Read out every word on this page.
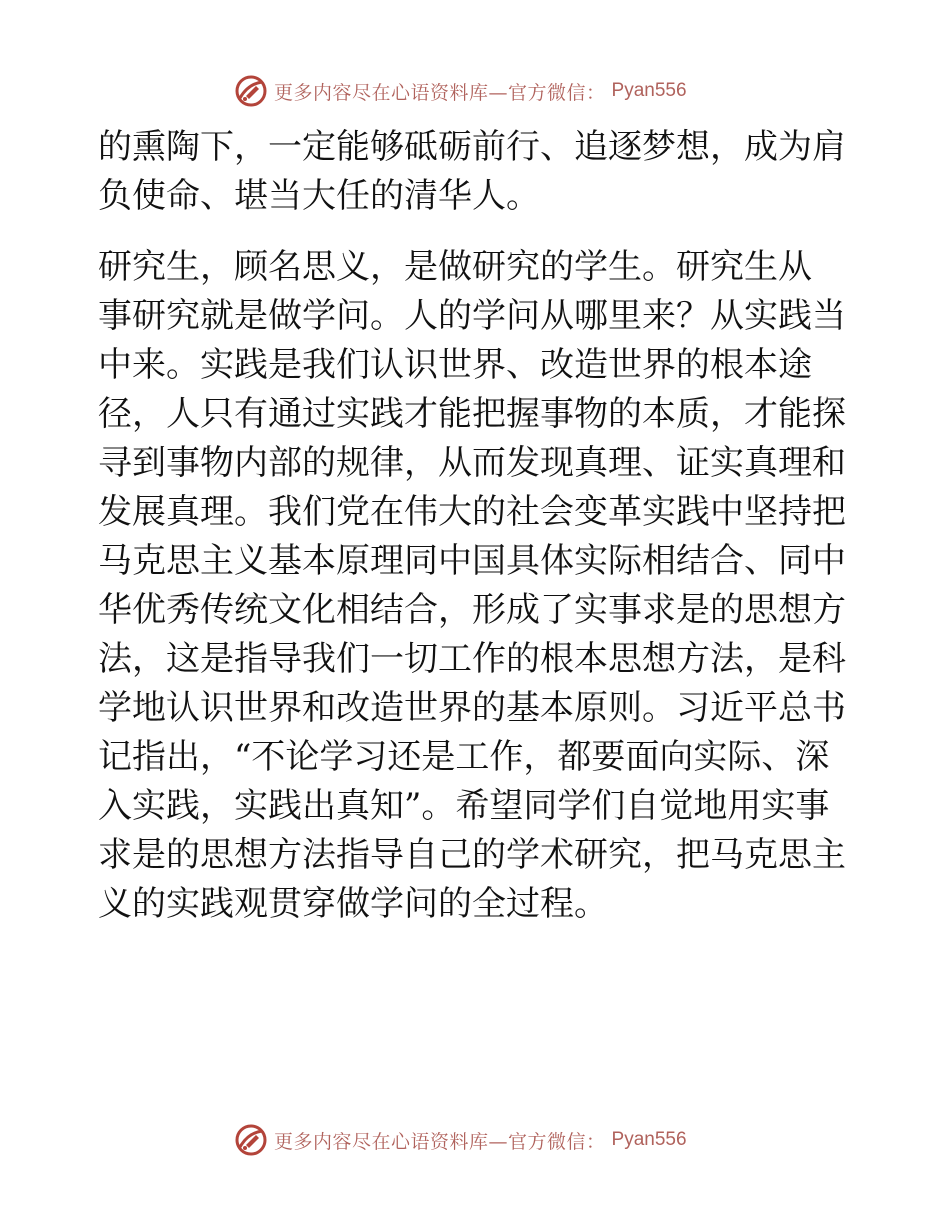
更多内容尽在心语资料库—官方微信： Pyan556
的熏陶下，一定能够砥砺前行、追逐梦想，成为肩
负使命、堪当大任的清华人。
研究生，顾名思义，是做研究的学生。研究生从
事研究就是做学问。人的学问从哪里来？从实践当
中来。实践是我们认识世界、改造世界的根本途
径，人只有通过实践才能把握事物的本质，才能探
寻到事物内部的规律，从而发现真理、证实真理和
发展真理。我们党在伟大的社会变革实践中坚持把
马克思主义基本原理同中国具体实际相结合、同中
华优秀传统文化相结合，形成了实事求是的思想方
法，这是指导我们一切工作的根本思想方法，是科
学地认识世界和改造世界的基本原则。习近平总书
记指出，“不论学习还是工作，都要面向实际、深
入实践，实践出真知”。希望同学们自觉地用实事
求是的思想方法指导自己的学术研究，把马克思主
义的实践观贯穿做学问的全过程。
更多内容尽在心语资料库—官方微信： Pyan556
